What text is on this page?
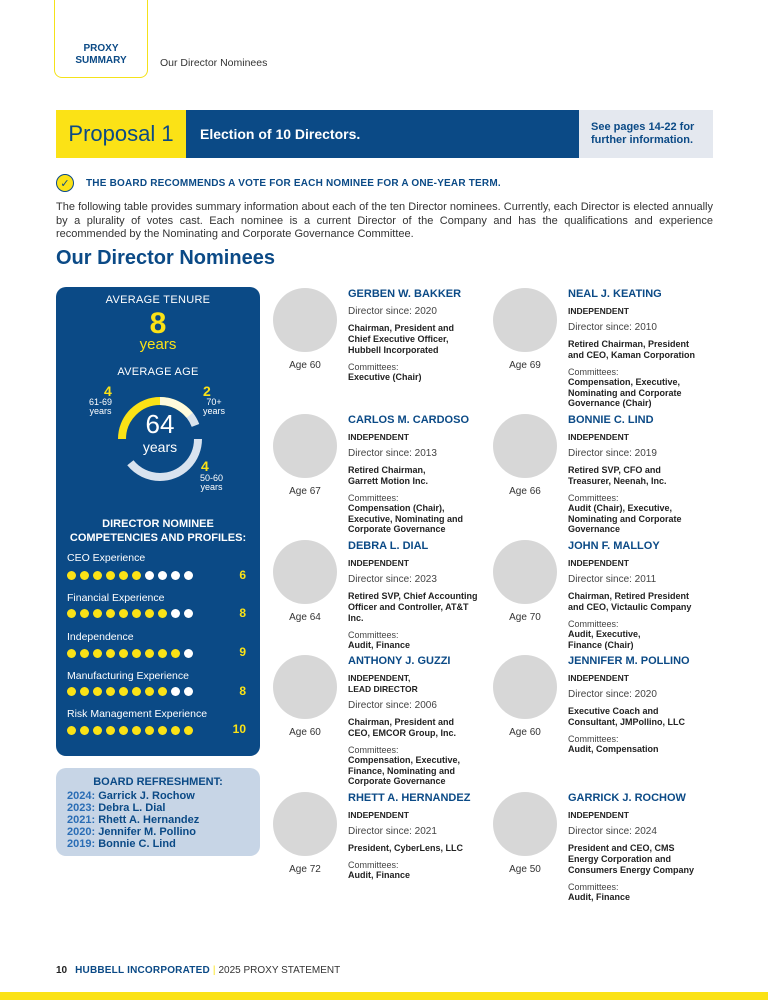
PROXY
SUMMARY	Our Director Nominees
Proposal 1	Election of 10 Directors.	See pages 14-22 for further information.
✓	THE BOARD RECOMMENDS A VOTE FOR EACH NOMINEE FOR A ONE-YEAR TERM.

The following table provides summary information about each of the ten Director nominees. Currently, each Director is elected annually by a plurality of votes cast. Each nominee is a current Director of the Company and has the qualifications and experience recommended by the Nominating and Corporate Governance Committee.

Our Director Nominees
AVERAGE TENURE
8
years
AVERAGE AGE
64
years
4
61-69
years
2
70+
years
4
50-60
years
DIRECTOR NOMINEE
COMPETENCIES AND PROFILES:
CEO Experience
6
Financial Experience
8
Independence
9
Manufacturing Experience
8
Risk Management Experience
10
BOARD REFRESHMENT:
2024: Garrick J. Rochow
2023: Debra L. Dial
2021: Rhett A. Hernandez
2020: Jennifer M. Pollino
2019: Bonnie C. Lind
Age 60
GERBEN W. BAKKER
Director since: 2020
Chairman, President and
Chief Executive Officer,
Hubbell Incorporated
Committees:
Executive (Chair)
Age 69
NEAL J. KEATING
INDEPENDENT
Director since: 2010
Retired Chairman, President
and CEO, Kaman Corporation
Committees:
Compensation, Executive,
Nominating and Corporate
Governance (Chair)
Age 67
CARLOS M. CARDOSO
INDEPENDENT
Director since: 2013
Retired Chairman,
Garrett Motion Inc.
Committees:
Compensation (Chair),
Executive, Nominating and
Corporate Governance
Age 66
BONNIE C. LIND
INDEPENDENT
Director since: 2019
Retired SVP, CFO and
Treasurer, Neenah, Inc.
Committees:
Audit (Chair), Executive,
Nominating and Corporate
Governance
Age 64
DEBRA L. DIAL
INDEPENDENT
Director since: 2023
Retired SVP, Chief Accounting
Officer and Controller, AT&T
Inc.
Committees:
Audit, Finance
Age 70
JOHN F. MALLOY
INDEPENDENT
Director since: 2011
Chairman, Retired President
and CEO, Victaulic Company
Committees:
Audit, Executive,
Finance (Chair)
Age 60
ANTHONY J. GUZZI
INDEPENDENT,
LEAD DIRECTOR
Director since: 2006
Chairman, President and
CEO, EMCOR Group, Inc.
Committees:
Compensation, Executive,
Finance, Nominating and
Corporate Governance
Age 60
JENNIFER M. POLLINO
INDEPENDENT
Director since: 2020
Executive Coach and
Consultant, JMPollino, LLC
Committees:
Audit, Compensation
Age 72
RHETT A. HERNANDEZ
INDEPENDENT
Director since: 2021
President, CyberLens, LLC
Committees:
Audit, Finance	Age 50
GARRICK J. ROCHOW
INDEPENDENT
Director since: 2024
President and CEO, CMS
Energy Corporation and
Consumers Energy Company
Committees:
Audit, Finance
10 HUBBELL INCORPORATED | 2025 PROXY STATEMENT
